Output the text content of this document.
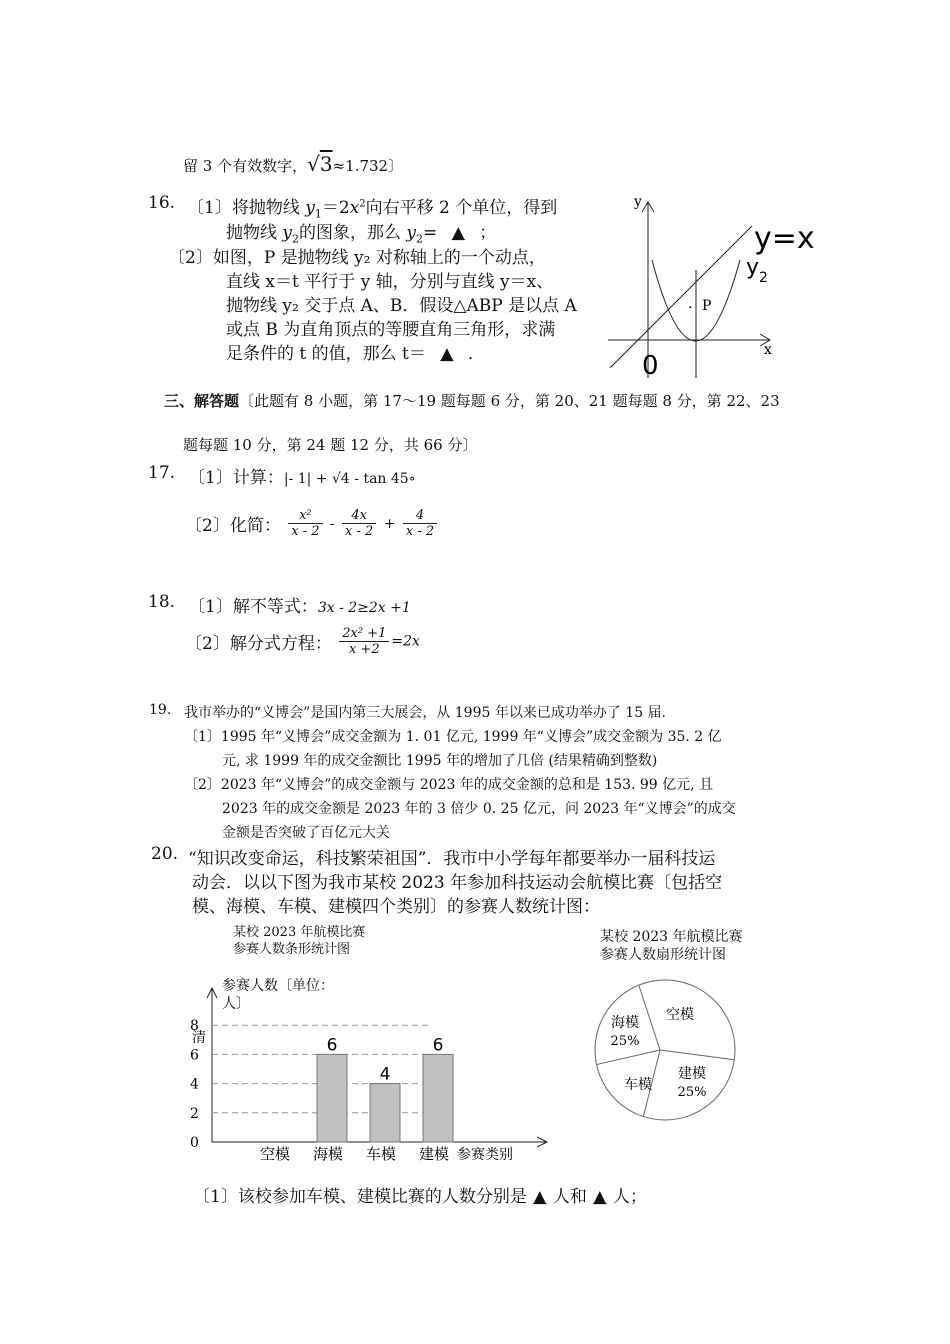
留 3 个有效数字，√3≈1.732〕
16. 〔1〕将抛物线 $y_1=2x^2$向右平移 2 个单位，得到
抛物线 $y_2$的图象，那么 $y_2=$ ▲ ；
〔2〕如图，P 是抛物线 y₂ 对称轴上的一个动点，
直线 x＝t 平行于 y 轴，分别与直线 y＝x、
抛物线 y₂ 交于点 A、B．假设△ABP 是以点 A
或点 B 为直角顶点的等腰直角三角形，求满
足条件的 t 的值，那么 t＝ ▲ ．
y
x
0
y=x
$y_2$
. P
三、解答题〔此题有 8 小题，第 17～19 题每题 6 分，第 20、21 题每题 8 分，第 22、23
题每题 10 分，第 24 题 12 分，共 66 分〕
17. 〔1〕计算：|- 1| + √4 - tan 45∘
〔2〕化简： $\frac{\text{x²}}{x - 2} - \frac{4x}{x - 2} + \frac{4}{x - 2}$
18. 〔1〕解不等式：3x - 2≥2x +1
〔2〕解分式方程： $\frac{\text{2x² +1}}{x +2} =2x$
19. 我市举办的“义博会”是国内第三大展会，从 1995 年以来已成功举办了 15 届.
〔1〕1995 年“义博会”成交金额为 1. 01 亿元, 1999 年“义博会”成交金额为 35. 2 亿
元, 求 1999 年的成交金额比 1995 年的增加了几倍 (结果精确到整数)
〔2〕2023 年“义博会”的成交金额与 2023 年的成交金额的总和是 153. 99 亿元, 且
2023 年的成交金额是 2023 年的 3 倍少 0. 25 亿元，问 2023 年“义博会”的成交
金额是否突破了百亿元大关
20. “知识改变命运，科技繁荣祖国”．我市中小学每年都要举办一届科技运
动会．以以下图为我市某校 2023 年参加科技运动会航模比赛〔包括空
模、海模、车模、建模四个类别〕的参赛人数统计图：
某校 2023 年航模比赛
参赛人数条形统计图
参赛人数〔单位：人〕
0
2
4
6
8
清
空模
6
海模
4
车模
6
建模 参赛类别
某校 2023 年航模比赛
参赛人数扇形统计图
空模
建模
25%
车模
海模
25%
〔1〕该校参加车模、建模比赛的人数分别是 ▲ 人和 ▲ 人；
